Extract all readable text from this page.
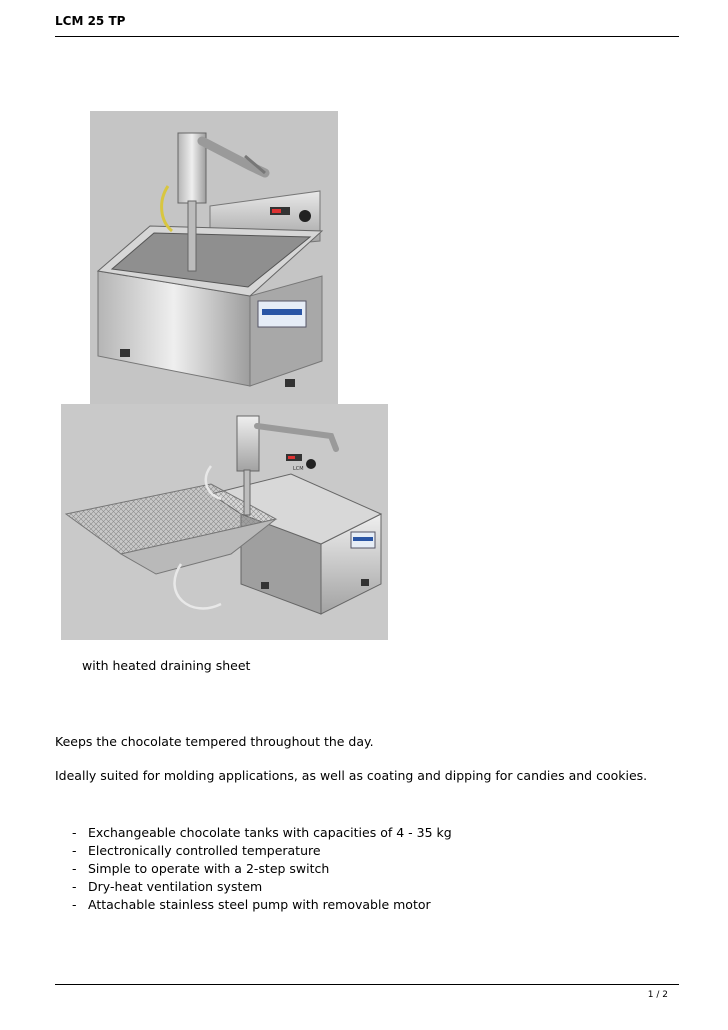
LCM 25 TP
LCM
with heated draining sheet
Keeps the chocolate tempered throughout the day.
Ideally suited for molding applications, as well as coating and dipping for candies and cookies.
- Exchangeable chocolate tanks with capacities of 4 - 35 kg
- Electronically controlled temperature
- Simple to operate with a 2-step switch
- Dry-heat ventilation system
- Attachable stainless steel pump with removable motor
1 / 2
